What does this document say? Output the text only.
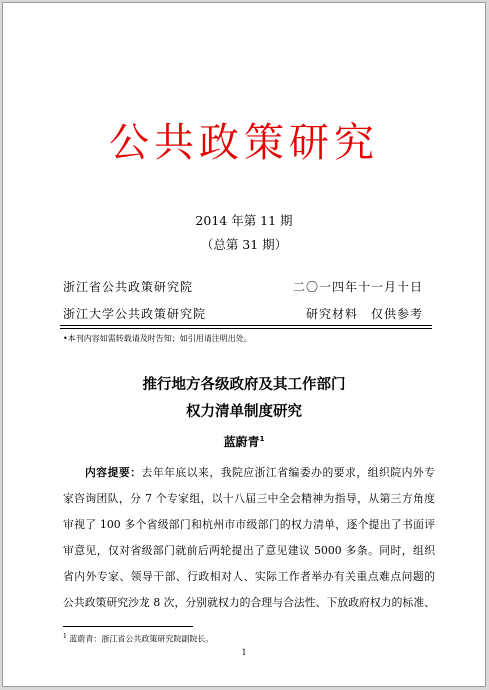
公共政策研究
2014 年第 11 期
（总第 31 期）
浙江省公共政策研究院	二〇一四年十一月十日
浙江大学公共政策研究院	研究材料　仅供参考
•本刊内容如需转载请及时告知；如引用请注明出处。
推行地方各级政府及其工作部门
权力清单制度研究
蓝蔚青$^1$
内容提要：去年年底以来，我院应浙江省编委办的要求，组织院内外专
家咨询团队，分 7 个专家组，以十八届三中全会精神为指导，从第三方角度
审视了 100 多个省级部门和杭州市市级部门的权力清单，逐个提出了书面评
审意见，仅对省级部门就前后两轮提出了意见建议 5000 多条。同时，组织
省内外专家、领导干部、行政相对人、实际工作者举办有关重点难点问题的
公共政策研究沙龙 8 次，分别就权力的合理与合法性、下放政府权力的标准、
$^1$ 蓝蔚青：浙江省公共政策研究院副院长。
1
